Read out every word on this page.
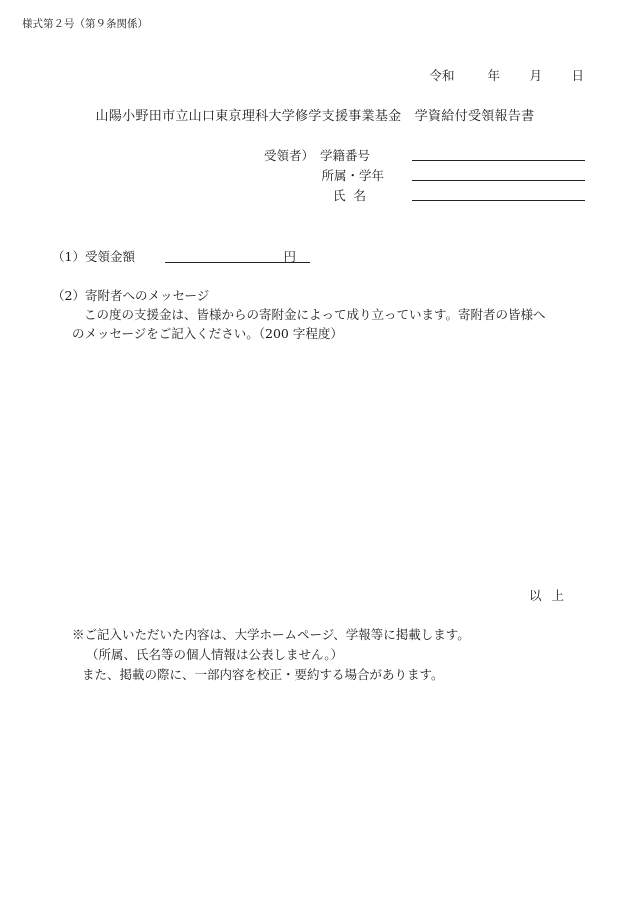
様式第２号（第９条関係）
令和	年	月	日
山陽小野田市立山口東京理科大学修学支援事業基金　学資給付受領報告書
受領者） 学籍番号
所属・学年
氏名
（1）受領金額	円
（2）寄附者へのメッセージ
この度の支援金は、皆様からの寄附金によって成り立っています。寄附者の皆様へ
のメッセージをご記入ください。（200 字程度）
以上
※ご記入いただいた内容は、大学ホームページ、学報等に掲載します。
（所属、氏名等の個人情報は公表しません。）
また、掲載の際に、一部内容を校正・要約する場合があります。
